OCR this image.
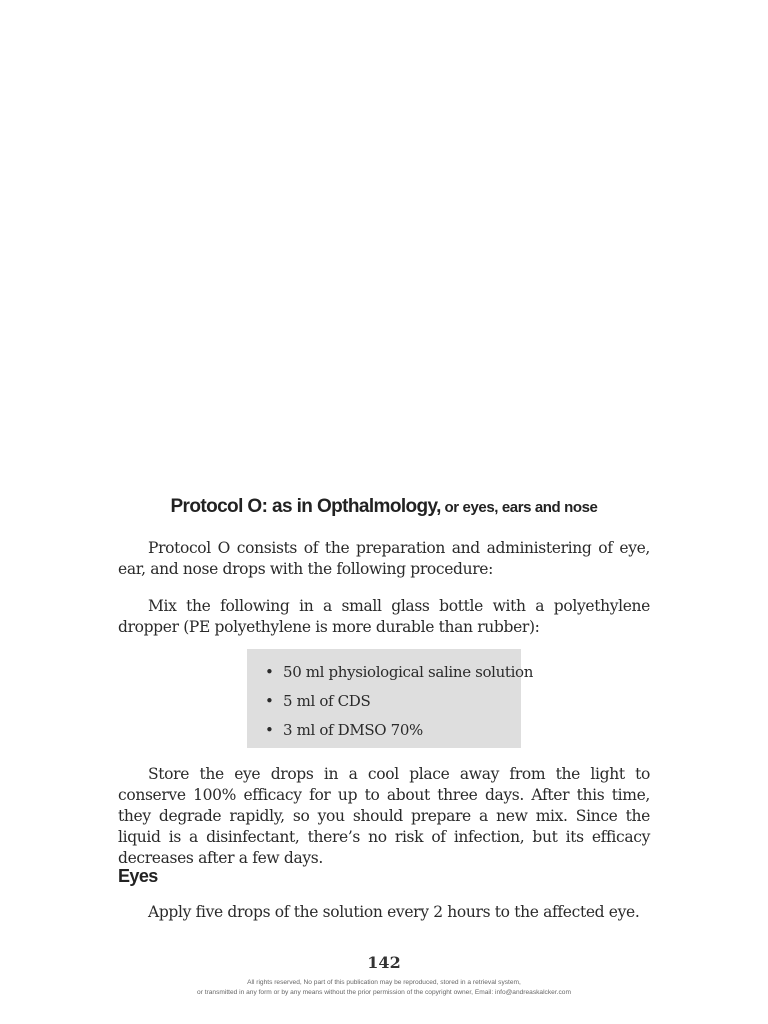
Protocol O: as in Opthalmology, or eyes, ears and nose

Protocol O consists of the preparation and administering of eye, ear, and nose drops with the following procedure:

Mix the following in a small glass bottle with a polyethylene dropper (PE polyethylene is more durable than rubber):

• 50 ml physiological saline solution
• 5 ml of CDS
• 3 ml of DMSO 70%

Store the eye drops in a cool place away from the light to conserve 100% efficacy for up to about three days. After this time, they degrade rapidly, so you should prepare a new mix. Since the liquid is a disinfectant, there’s no risk of infection, but its efficacy decreases after a few days.

Eyes

Apply five drops of the solution every 2 hours to the affected eye.

142
All rights reserved, No part of this publication may be reproduced, stored in a retrieval system,
or transmitted in any form or by any means without the prior permission of the copyright owner, Email: info@andreaskalcker.com
